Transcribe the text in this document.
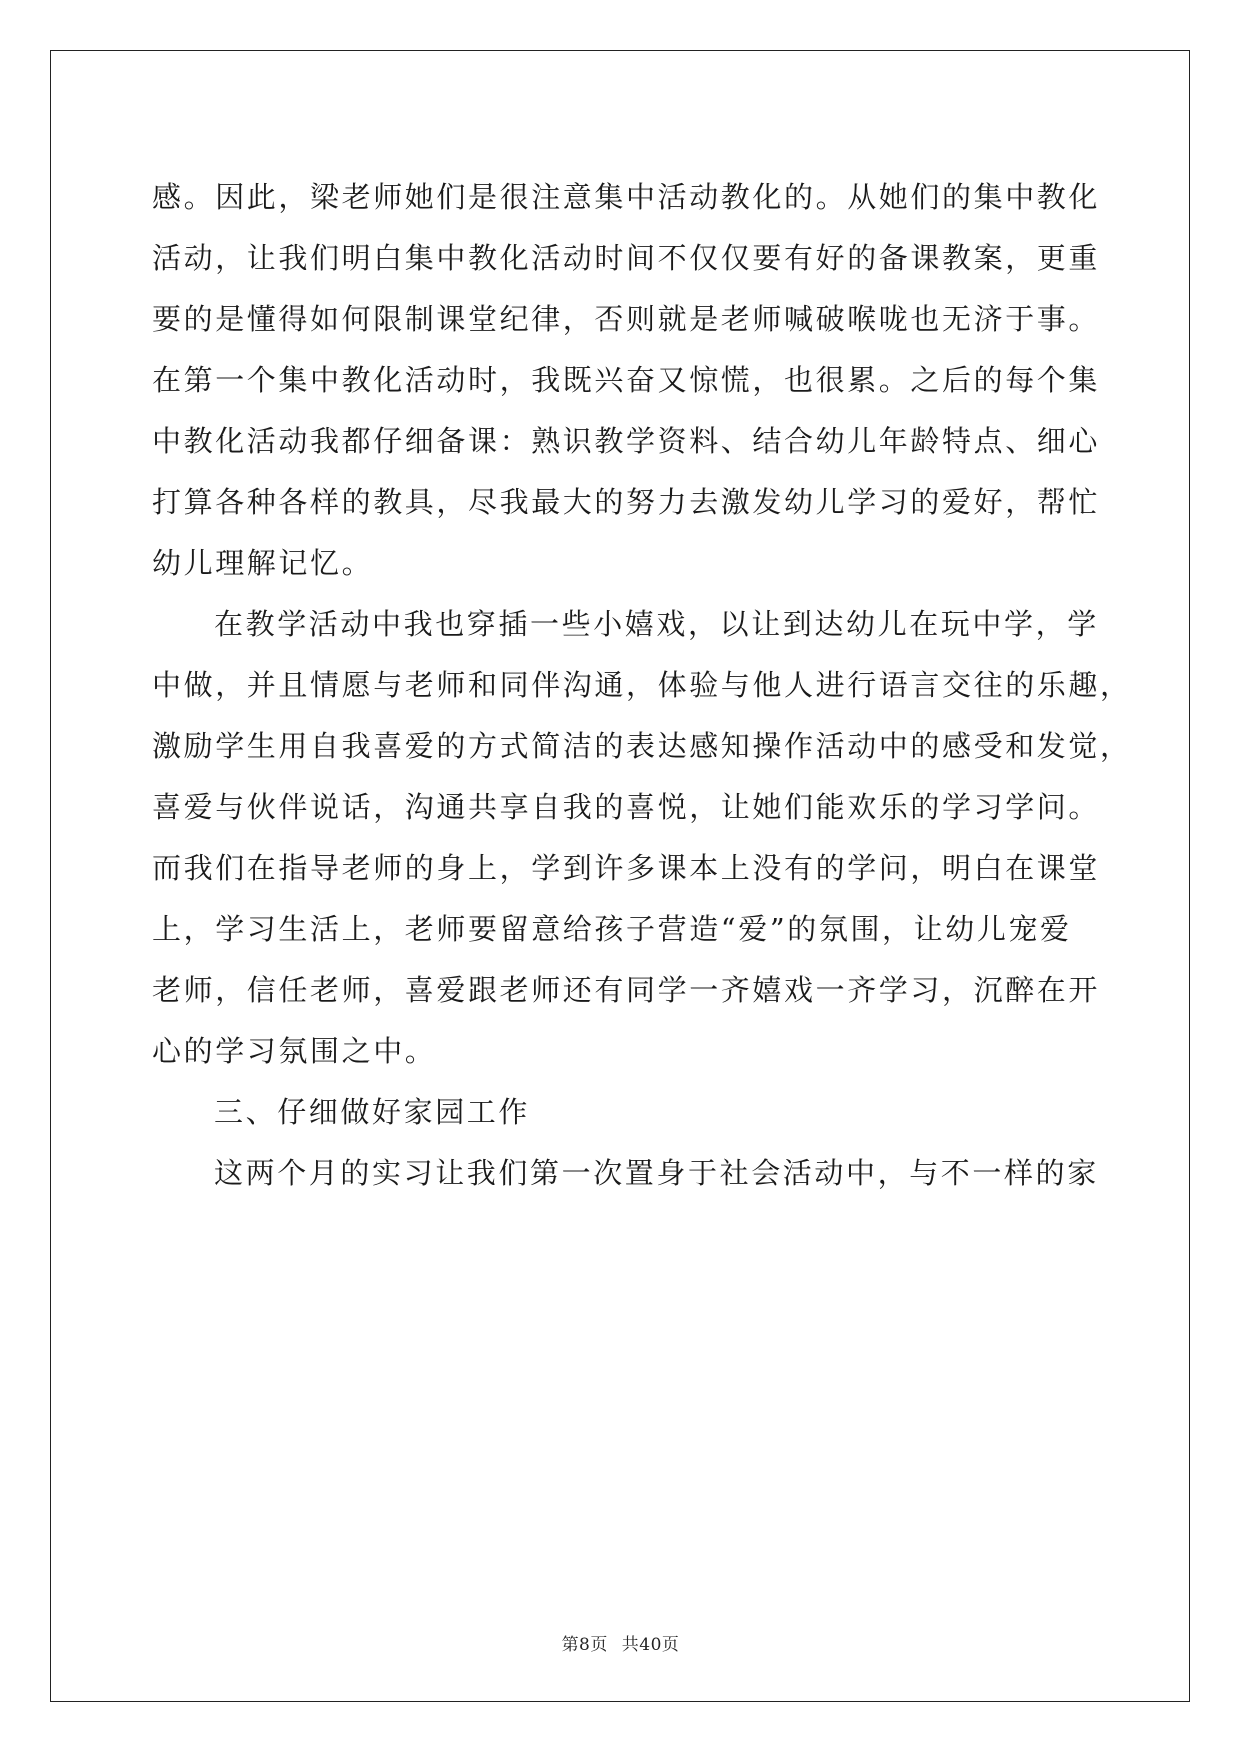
感。因此，梁老师她们是很注意集中活动教化的。从她们的集中教化

活动，让我们明白集中教化活动时间不仅仅要有好的备课教案，更重

要的是懂得如何限制课堂纪律，否则就是老师喊破喉咙也无济于事。

在第一个集中教化活动时，我既兴奋又惊慌，也很累。之后的每个集

中教化活动我都仔细备课：熟识教学资料、结合幼儿年龄特点、细心

打算各种各样的教具，尽我最大的努力去激发幼儿学习的爱好，帮忙

幼儿理解记忆。

在教学活动中我也穿插一些小嬉戏，以让到达幼儿在玩中学，学

中做，并且情愿与老师和同伴沟通，体验与他人进行语言交往的乐趣，

激励学生用自我喜爱的方式简洁的表达感知操作活动中的感受和发觉，

喜爱与伙伴说话，沟通共享自我的喜悦，让她们能欢乐的学习学问。

而我们在指导老师的身上，学到许多课本上没有的学问，明白在课堂

上，学习生活上，老师要留意给孩子营造“爱”的氛围，让幼儿宠爱

老师，信任老师，喜爱跟老师还有同学一齐嬉戏一齐学习，沉醉在开

心的学习氛围之中。

三、仔细做好家园工作

这两个月的实习让我们第一次置身于社会活动中，与不一样的家

第8页 共40页
